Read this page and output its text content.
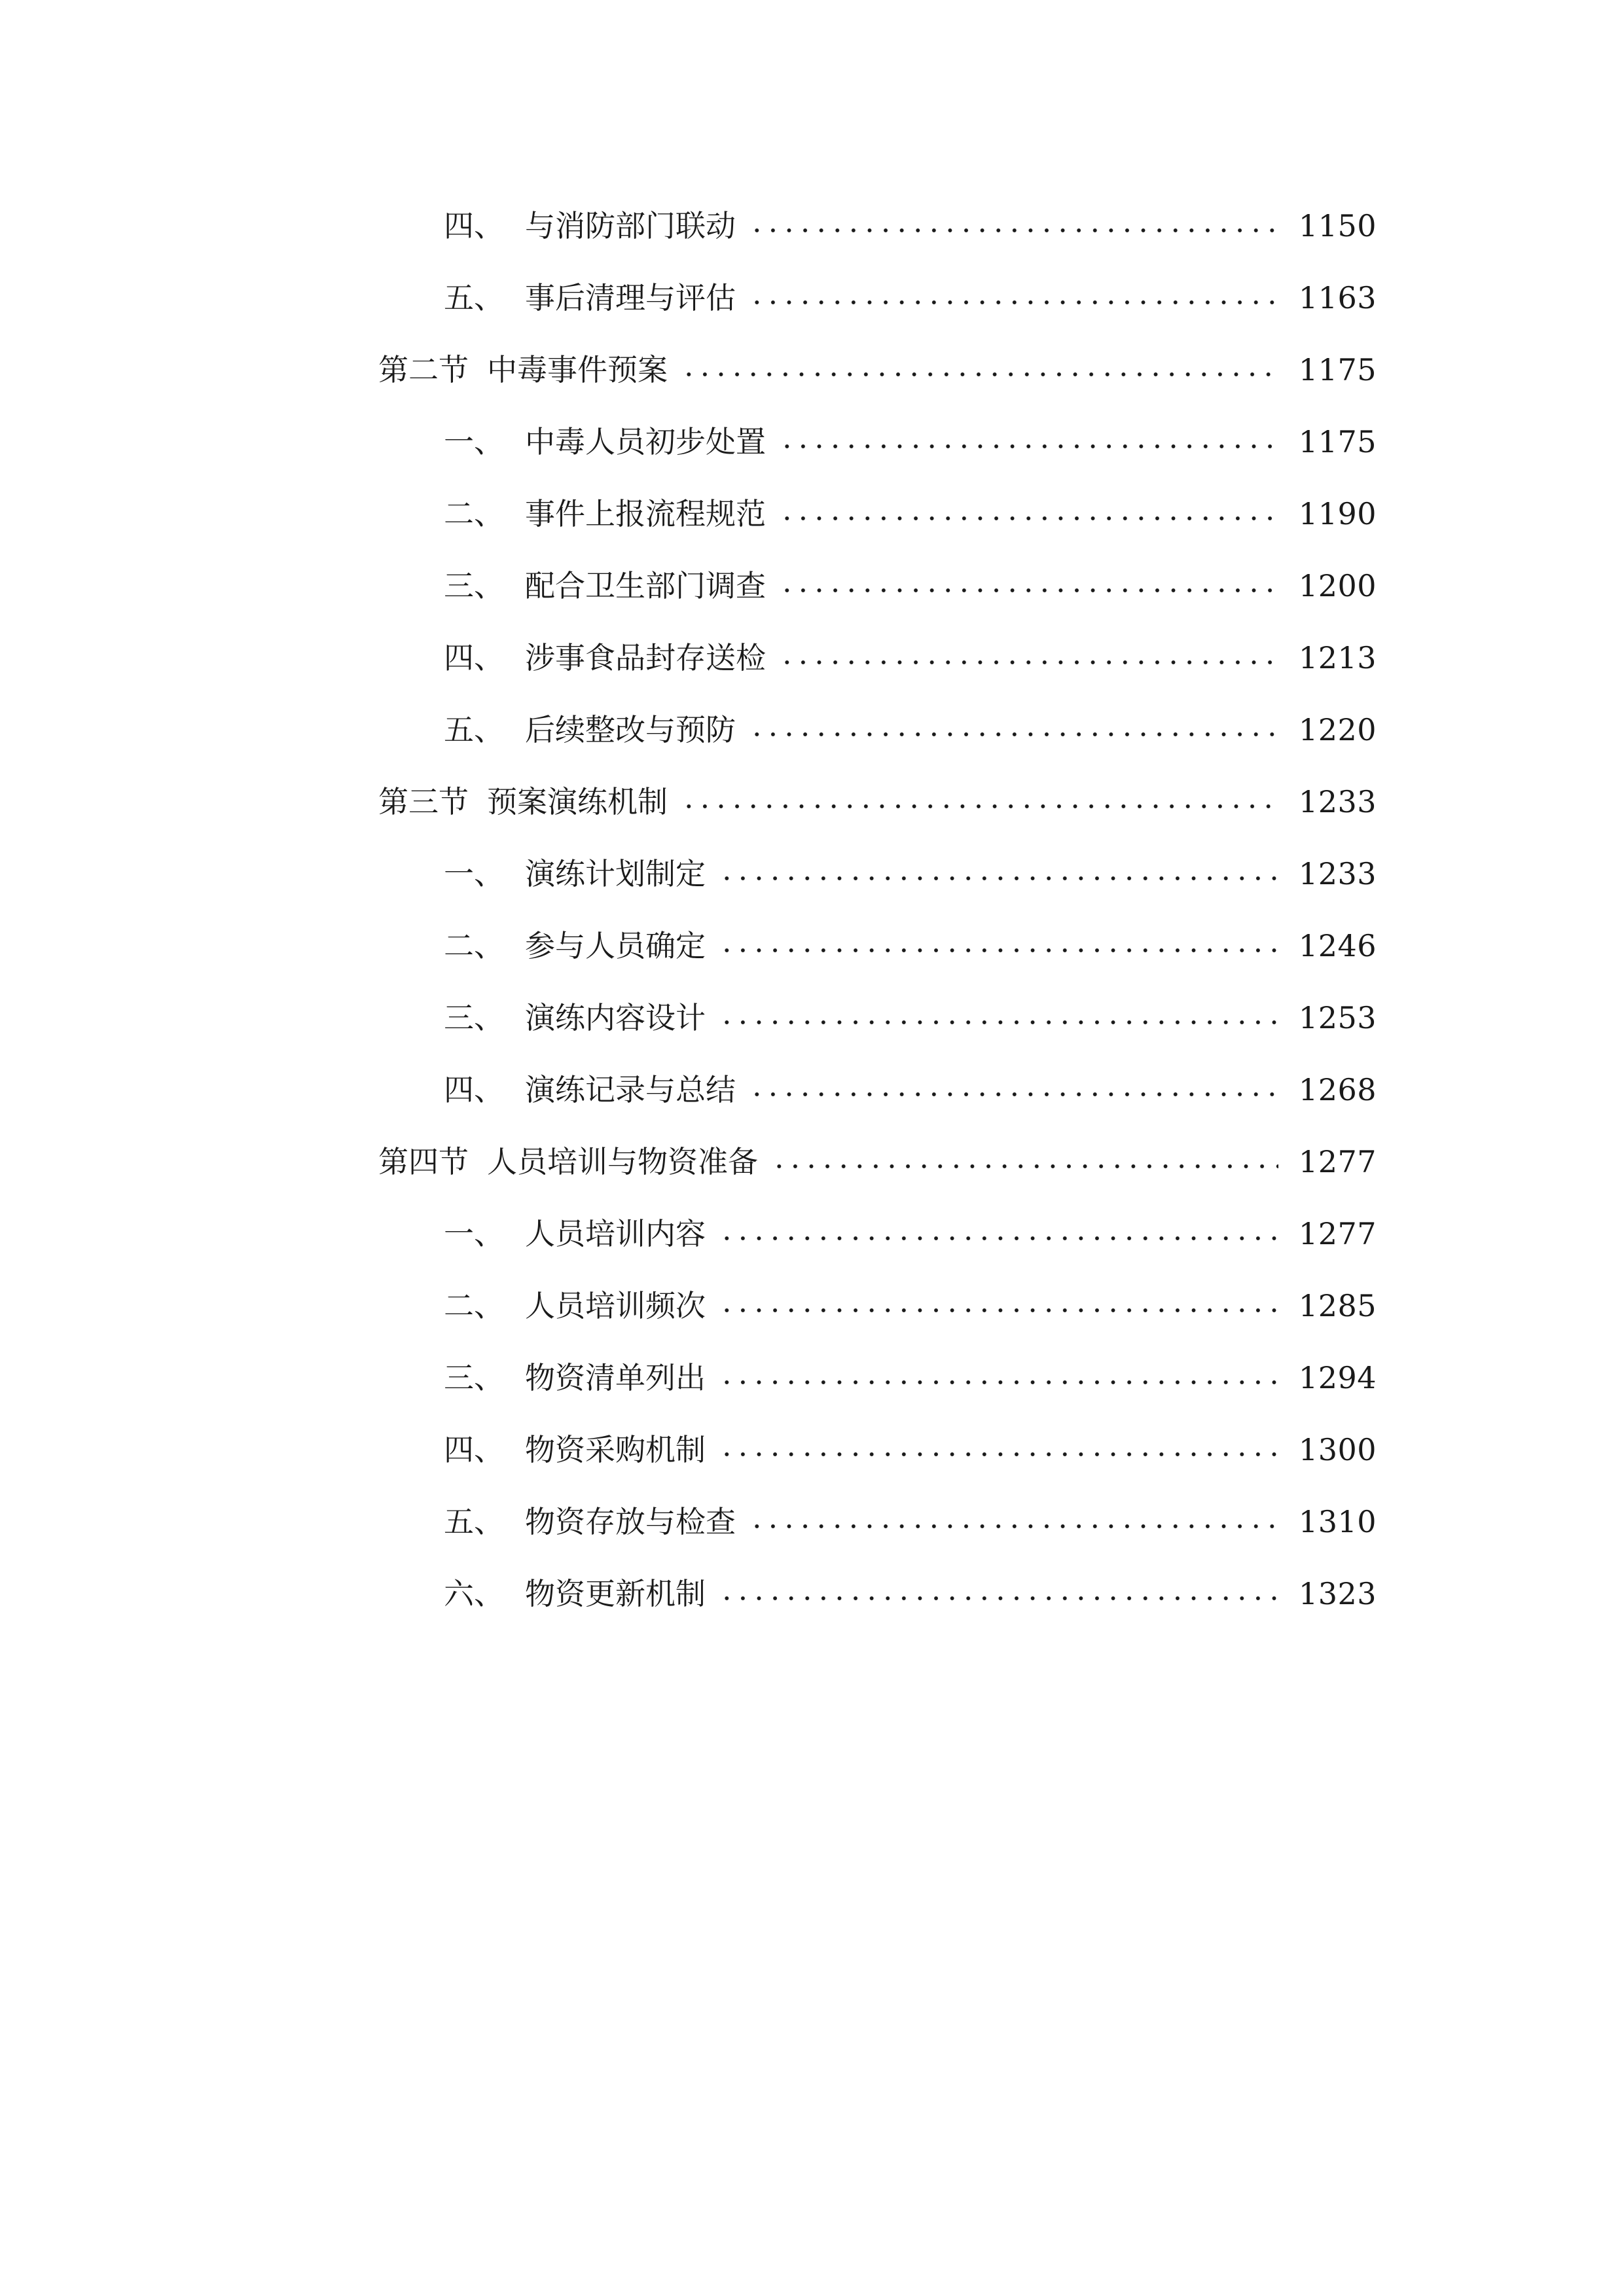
四、 与消防部门联动	1150
五、 事后清理与评估	1163
第二节 中毒事件预案	1175
一、 中毒人员初步处置	1175
二、 事件上报流程规范	1190
三、 配合卫生部门调查	1200
四、 涉事食品封存送检	1213
五、 后续整改与预防	1220
第三节 预案演练机制	1233
一、 演练计划制定	1233
二、 参与人员确定	1246
三、 演练内容设计	1253
四、 演练记录与总结	1268
第四节 人员培训与物资准备	1277
一、 人员培训内容	1277
二、 人员培训频次	1285
三、 物资清单列出	1294
四、 物资采购机制	1300
五、 物资存放与检查	1310
六、 物资更新机制	1323
